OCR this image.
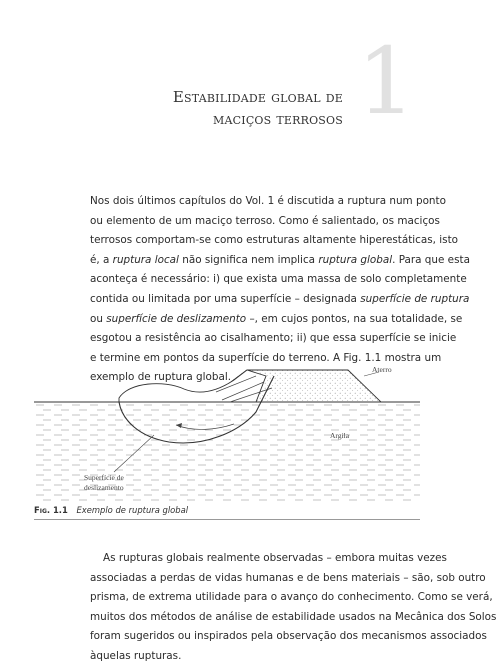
Estabilidade global de
maciços terrosos 1
Nos dois últimos capítulos do Vol. 1 é discutida a ruptura num ponto
ou elemento de um maciço terroso. Como é salientado, os maciços
terrosos comportam-se como estruturas altamente hiperestáticas, isto
é, a ruptura local não significa nem implica ruptura global. Para que esta
aconteça é necessário: i) que exista uma massa de solo completamente
contida ou limitada por uma superfície – designada superfície de ruptura
ou superfície de deslizamento –, em cujos pontos, na sua totalidade, se
esgotou a resistência ao cisalhamento; ii) que essa superfície se inicie
e termine em pontos da superfície do terreno. A Fig. 1.1 mostra um
exemplo de ruptura global.
Aterro
Argila
Superfície de
deslizamento
Fig. 1.1 Exemplo de ruptura global
As rupturas globais realmente observadas – embora muitas vezes
associadas a perdas de vidas humanas e de bens materiais – são, sob outro
prisma, de extrema utilidade para o avanço do conhecimento. Como se verá,
muitos dos métodos de análise de estabilidade usados na Mecânica dos Solos
foram sugeridos ou inspirados pela observação dos mecanismos associados
àquelas rupturas.
